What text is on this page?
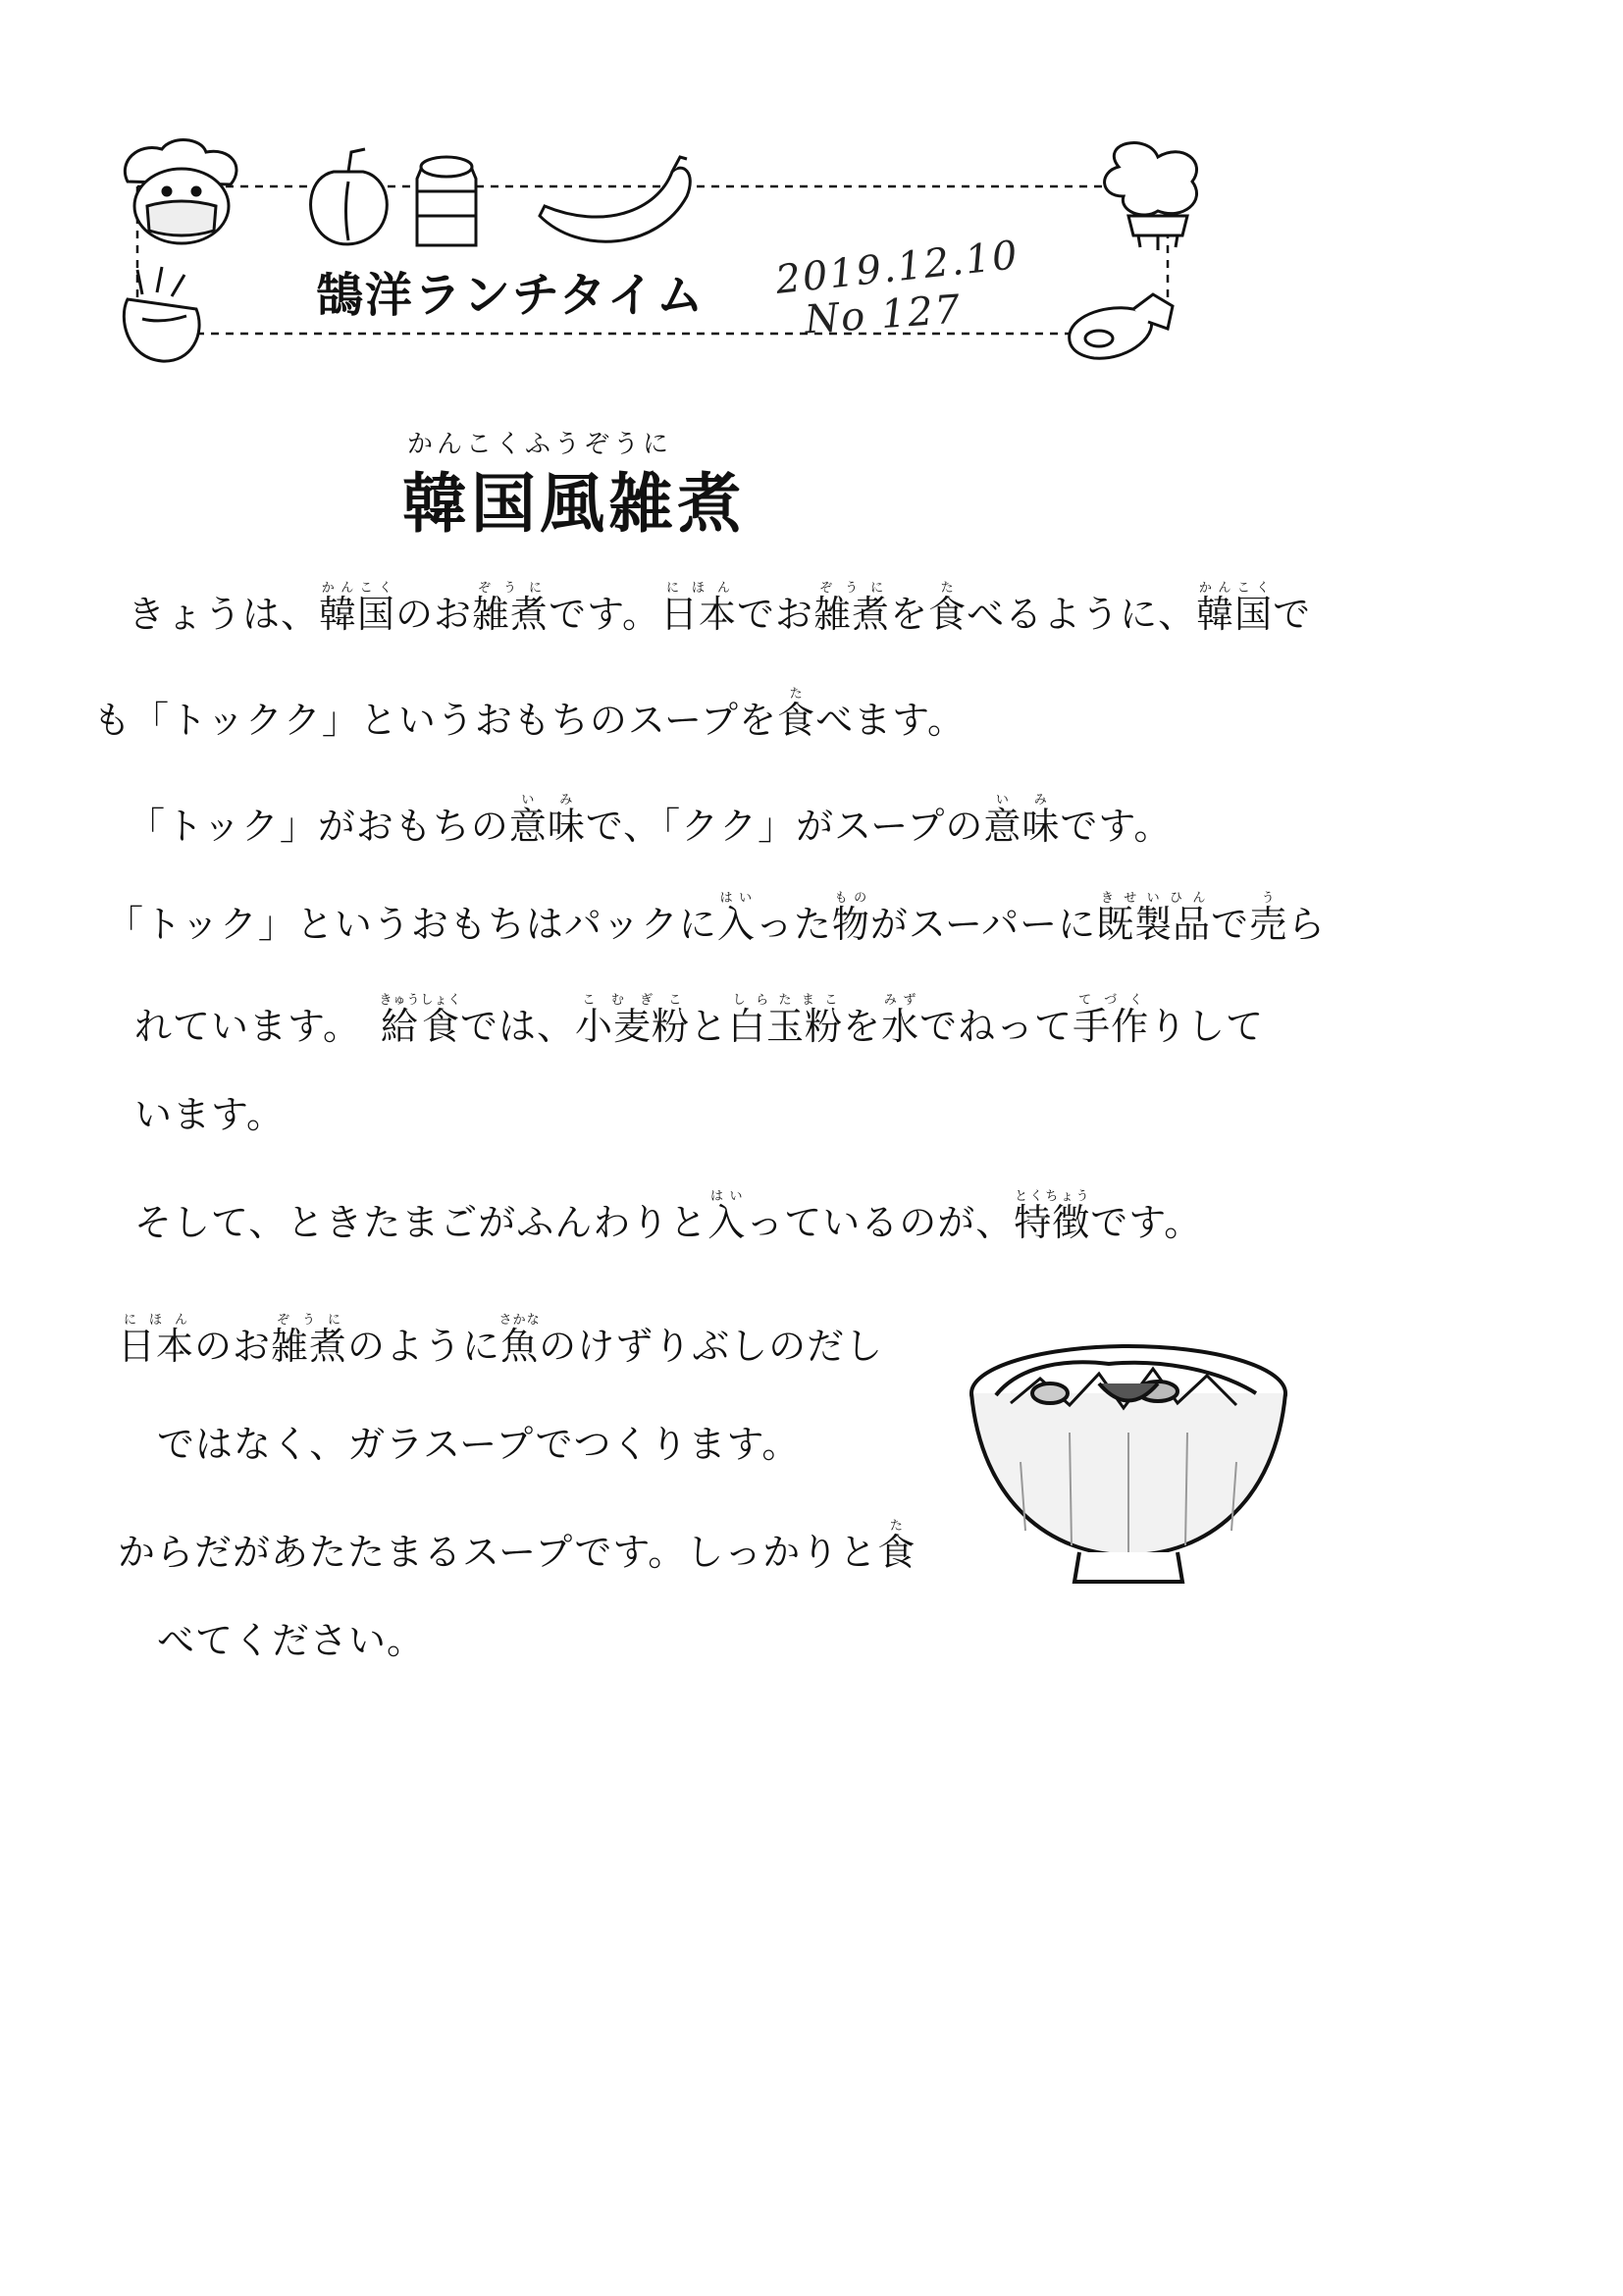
鵠洋ランチタイム 2019.12.10
No 127
かんこくふうぞうに
韓国風雑煮
きょうは、韓国かんこくのお雑煮ぞうにです。日本にほんでお雑煮ぞうにを食たべるように、韓国かんこくで
も「トックク」というおもちのスープを食たべます。
「トック」がおもちの意味いみで、「クク」がスープの意味いみです。
「トック」というおもちはパックに入はいった物ものがスーパーに既製品きせいひんで売うら
れています。　給食きゅうしょくでは、小麦粉こむぎこと白玉粉しらたまこを水みずでねって手作てづくりして
います。
そして、ときたまごがふんわりと入はいっているのが、特徴とくちょうです。
日本にほんのお雑煮ぞうにのように魚さかなのけずりぶしのだし
ではなく、ガラスープでつくります。
からだがあたたまるスープです。しっかりと食た
べてください。
